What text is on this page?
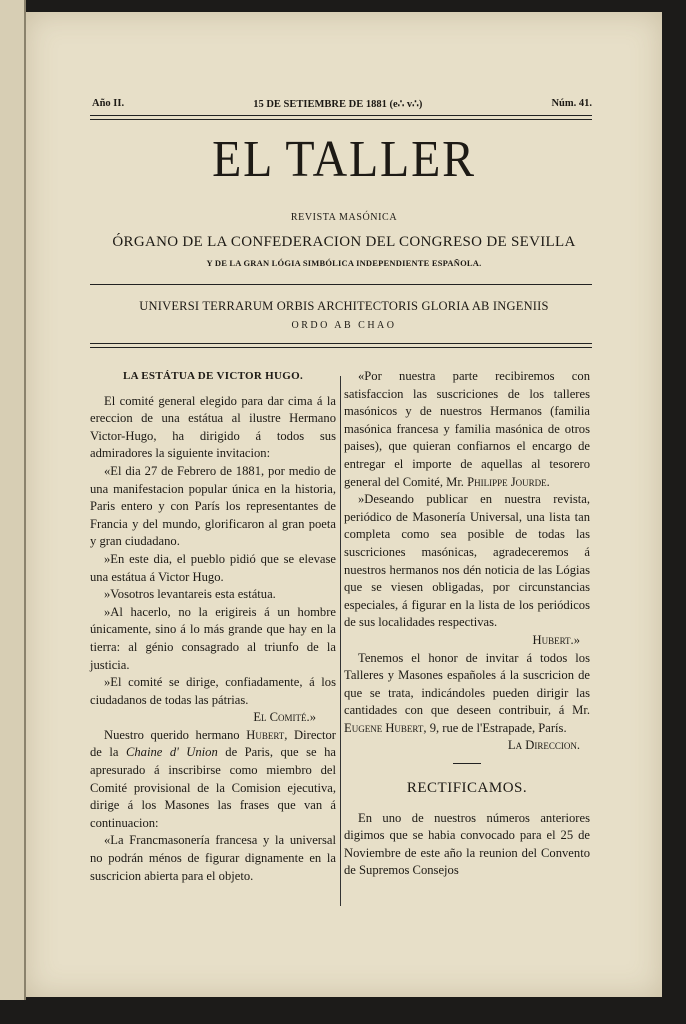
Año II.	15 DE SETIEMBRE DE 1881 (e∴ v∴)	Núm. 41.
EL TALLER
REVISTA MASÓNICA
ÓRGANO DE LA CONFEDERACION DEL CONGRESO DE SEVILLA
Y DE LA GRAN LÓGIA SIMBÓLICA INDEPENDIENTE ESPAÑOLA.
UNIVERSI TERRARUM ORBIS ARCHITECTORIS GLORIA AB INGENIIS
ORDO AB CHAO

LA ESTÁTUA DE VICTOR HUGO.

El comité general elegido para dar cima á la ereccion de una estátua al ilustre Hermano Victor-Hugo, ha dirigido á todos sus admiradores la siguiente invitacion:

«El dia 27 de Febrero de 1881, por medio de una manifestacion popular única en la historia, Paris entero y con París los representantes de Francia y del mundo, glorificaron al gran poeta y gran ciudadano.

»En este dia, el pueblo pidió que se elevase una estátua á Victor Hugo.

»Vosotros levantareis esta estátua.

»Al hacerlo, no la erigireis á un hombre únicamente, sino á lo más grande que hay en la tierra: al génio consagrado al triunfo de la justicia.

»El comité se dirige, confiadamente, á los ciudadanos de todas las pátrias.

El Comité.»

Nuestro querido hermano Hubert, Director de la Chaine d' Union de Paris, que se ha apresurado á inscribirse como miembro del Comité provisional de la Comision ejecutiva, dirige á los Masones las frases que van á continuacion:

«La Francmasonería francesa y la universal no podrán ménos de figurar dignamente en la suscricion abierta para el objeto.

«Por nuestra parte recibiremos con satisfaccion las suscriciones de los talleres masónicos y de nuestros Hermanos (familia masónica francesa y familia masónica de otros paises), que quieran confiarnos el encargo de entregar el importe de aquellas al tesorero general del Comité, Mr. Philippe Jourde.

»Deseando publicar en nuestra revista, periódico de Masonería Universal, una lista tan completa como sea posible de todas las suscriciones masónicas, agradeceremos á nuestros hermanos nos dén noticia de las Lógias que se viesen obligadas, por circunstancias especiales, á figurar en la lista de los periódicos de sus localidades respectivas.

Hubert.»

Tenemos el honor de invitar á todos los Talleres y Masones españoles á la suscricion de que se trata, indicándoles pueden dirigir las cantidades con que deseen contribuir, á Mr. Eugene Hubert, 9, rue de l'Estrapade, París.

La Direccion.

RECTIFICAMOS.

En uno de nuestros números anteriores digimos que se habia convocado para el 25 de Noviembre de este año la reunion del Convento de Supremos Consejos
